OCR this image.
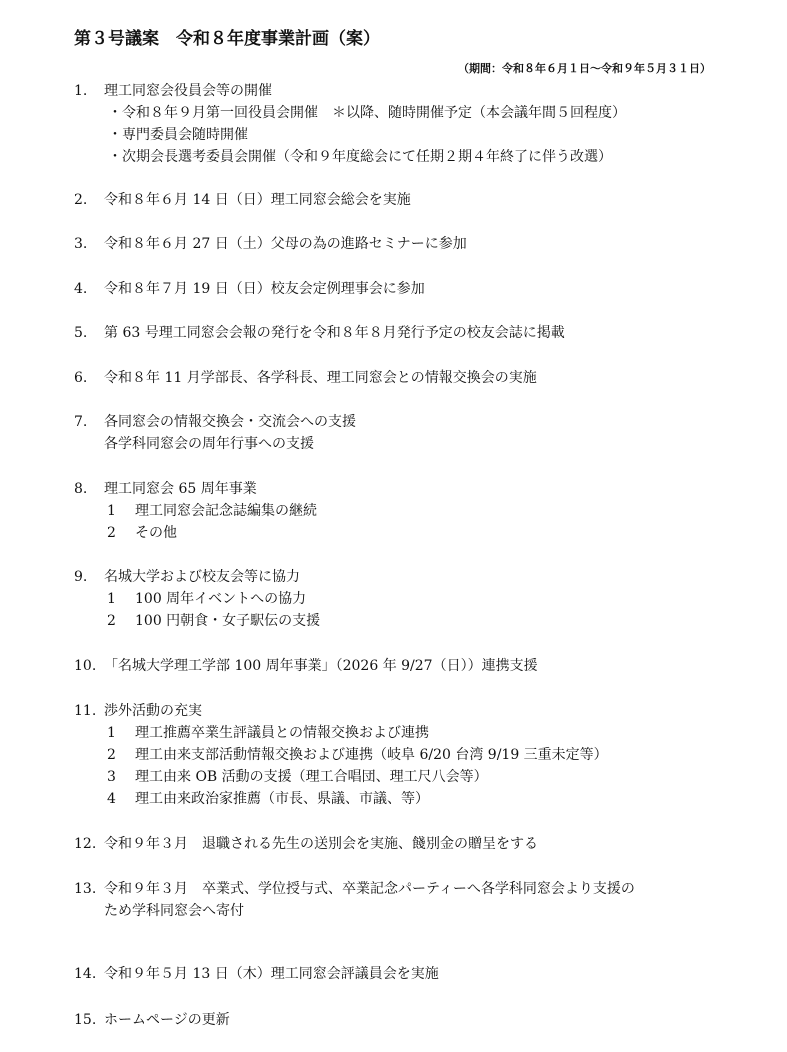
第３号議案　令和８年度事業計画（案）
（期間：令和８年６月１日〜令和９年５月３１日）
1. 理工同窓会役員会等の開催
・令和８年９月第一回役員会開催　＊以降、随時開催予定（本会議年間５回程度）
・専門委員会随時開催
・次期会長選考委員会開催（令和９年度総会にて任期２期４年終了に伴う改選）
2. 令和８年６月 14 日（日）理工同窓会総会を実施
3. 令和８年６月 27 日（土）父母の為の進路セミナーに参加
4. 令和８年７月 19 日（日）校友会定例理事会に参加
5. 第 63 号理工同窓会会報の発行を令和８年８月発行予定の校友会誌に掲載
6. 令和８年 11 月学部長、各学科長、理工同窓会との情報交換会の実施
7. 各同窓会の情報交換会・交流会への支援
各学科同窓会の周年行事への支援
8. 理工同窓会 65 周年事業
1 理工同窓会記念誌編集の継続
2 その他
9. 名城大学および校友会等に協力
1 100 周年イベントへの協力
2 100 円朝食・女子駅伝の支援
10. 「名城大学理工学部 100 周年事業」（2026 年 9/27（日））連携支援
11. 渉外活動の充実
1 理工推薦卒業生評議員との情報交換および連携
2 理工由来支部活動情報交換および連携（岐阜 6/20 台湾 9/19 三重未定等）
3 理工由来 OB 活動の支援（理工合唱団、理工尺八会等）
4 理工由来政治家推薦（市長、県議、市議、等）
12. 令和９年３月　退職される先生の送別会を実施、餞別金の贈呈をする
13. 令和９年３月　卒業式、学位授与式、卒業記念パーティーへ各学科同窓会より支援の
ため学科同窓会へ寄付
14. 令和９年５月 13 日（木）理工同窓会評議員会を実施
15. ホームページの更新
